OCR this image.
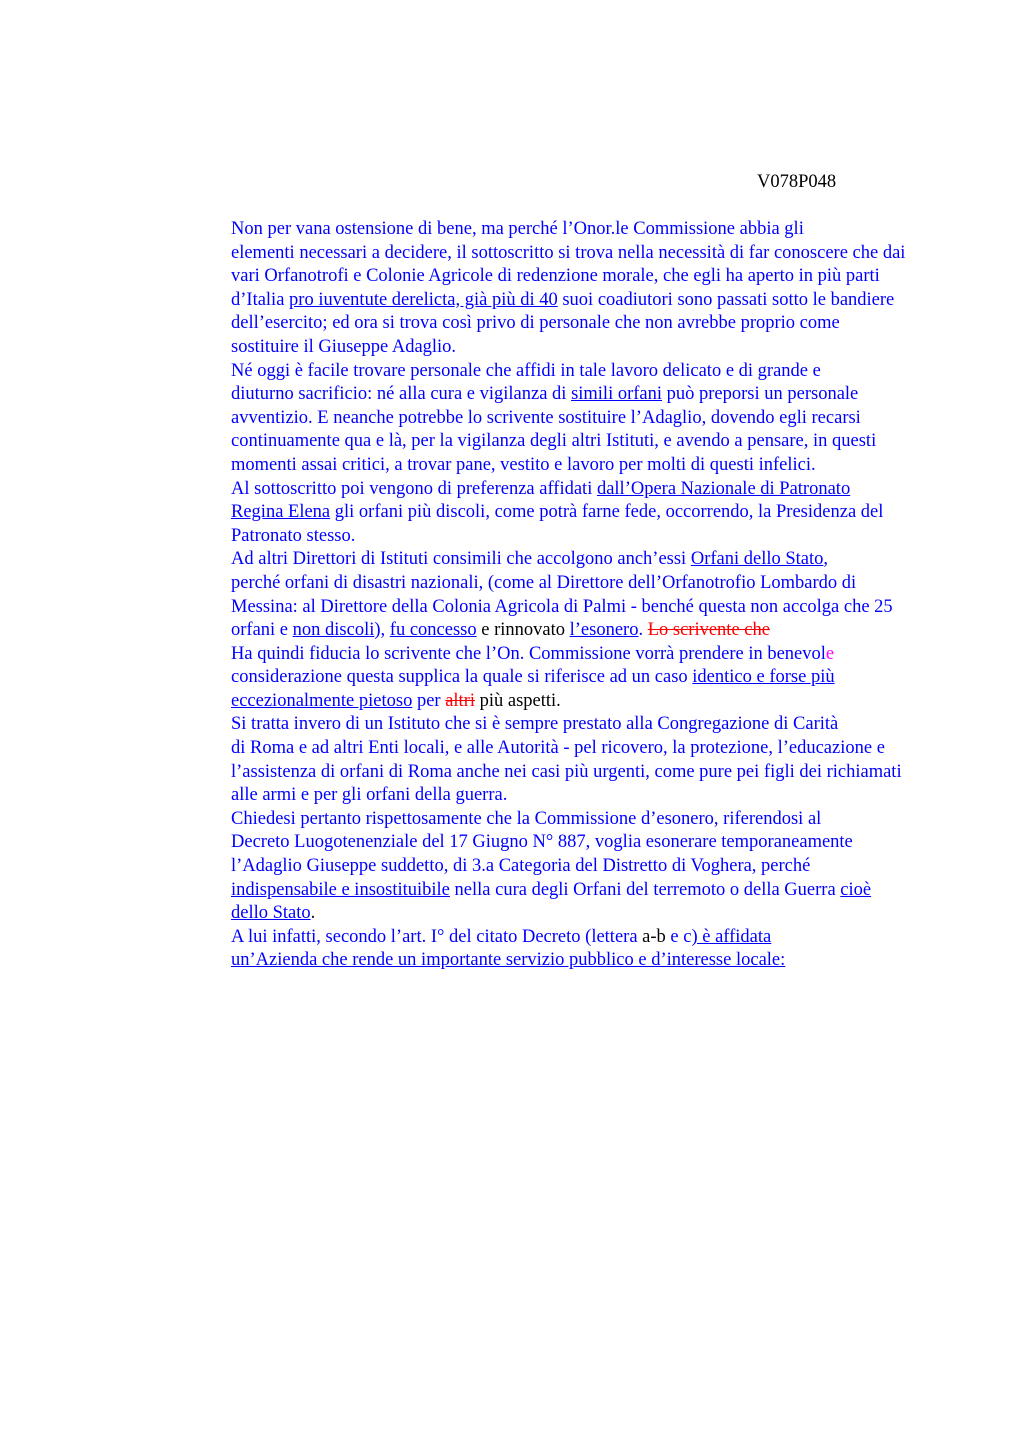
V078P048

Non per vana ostensione di bene, ma perché l’Onor.le Commissione abbia gli
elementi necessari a decidere, il sottoscritto si trova nella necessità di far conoscere che dai
vari Orfanotrofi e Colonie Agricole di redenzione morale, che egli ha aperto in più parti
d’Italia pro iuventute derelicta, già più di 40 suoi coadiutori sono passati sotto le bandiere
dell’esercito; ed ora si trova così privo di personale che non avrebbe proprio come
sostituire il Giuseppe Adaglio.

Né oggi è facile trovare personale che affidi in tale lavoro delicato e di grande e
diuturno sacrificio: né alla cura e vigilanza di simili orfani può preporsi un personale
avventizio. E neanche potrebbe lo scrivente sostituire l’Adaglio, dovendo egli recarsi
continuamente qua e là, per la vigilanza degli altri Istituti, e avendo a pensare, in questi
momenti assai critici, a trovar pane, vestito e lavoro per molti di questi infelici.

Al sottoscritto poi vengono di preferenza affidati dall’Opera Nazionale di Patronato
Regina Elena gli orfani più discoli, come potrà farne fede, occorrendo, la Presidenza del
Patronato stesso.

Ad altri Direttori di Istituti consimili che accolgono anch’essi Orfani dello Stato,
perché orfani di disastri nazionali, (come al Direttore dell’Orfanotrofio Lombardo di
Messina: al Direttore della Colonia Agricola di Palmi - benché questa non accolga che 25
orfani e non discoli), fu concesso e rinnovato l’esonero. Lo scrivente che

Ha quindi fiducia lo scrivente che l’On. Commissione vorrà prendere in benevole
considerazione questa supplica la quale si riferisce ad un caso identico e forse più
eccezionalmente pietoso per altri più aspetti.

Si tratta invero di un Istituto che si è sempre prestato alla Congregazione di Carità
di Roma e ad altri Enti locali, e alle Autorità - pel ricovero, la protezione, l’educazione e
l’assistenza di orfani di Roma anche nei casi più urgenti, come pure pei figli dei richiamati
alle armi e per gli orfani della guerra.

Chiedesi pertanto rispettosamente che la Commissione d’esonero, riferendosi al
Decreto Luogotenenziale del 17 Giugno N° 887, voglia esonerare temporaneamente
l’Adaglio Giuseppe suddetto, di 3.a Categoria del Distretto di Voghera, perché
indispensabile e insostituibile nella cura degli Orfani del terremoto o della Guerra cioè
dello Stato.

A lui infatti, secondo l’art. I° del citato Decreto (lettera a-b e c) è affidata
un’Azienda che rende un importante servizio pubblico e d’interesse locale:
